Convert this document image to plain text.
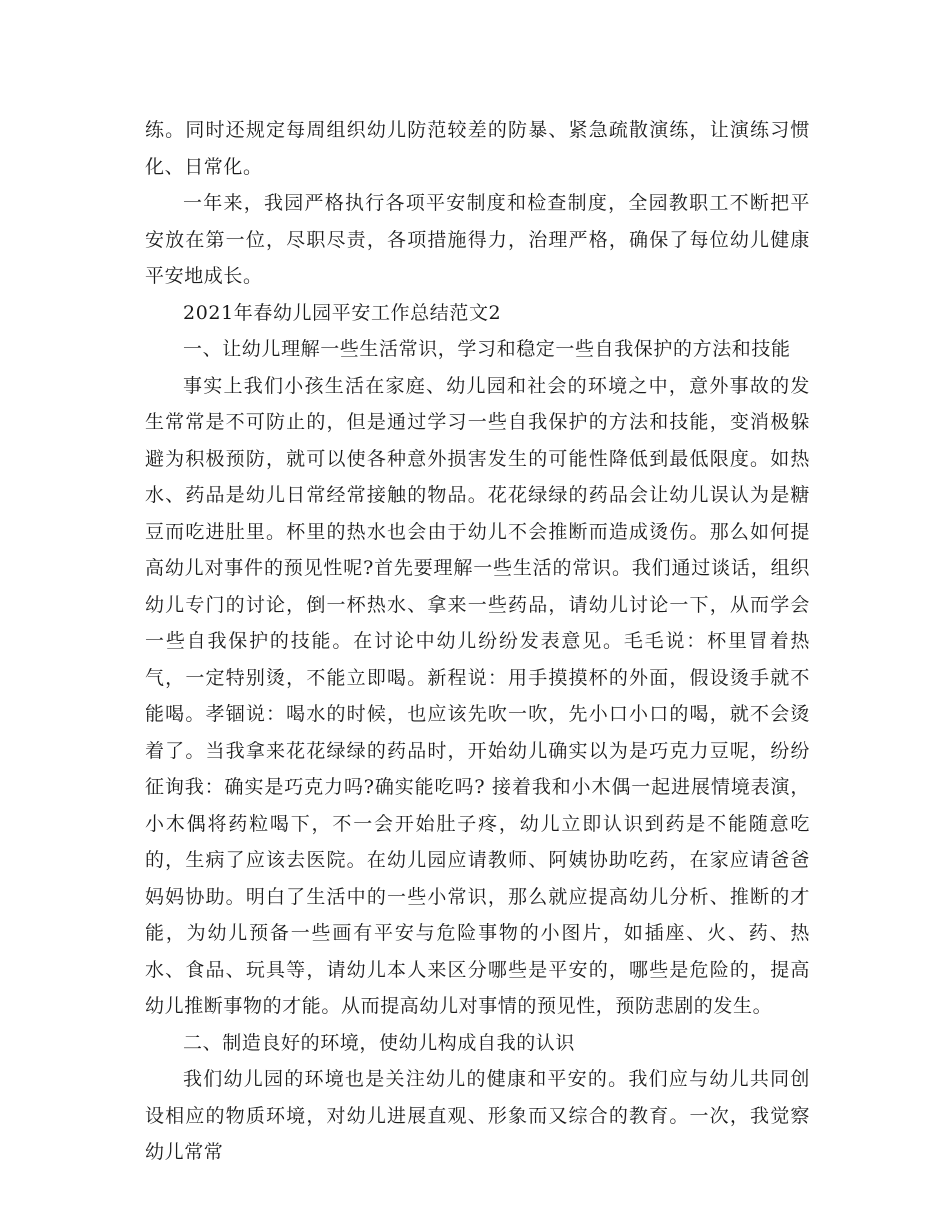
练。同时还规定每周组织幼儿防范较差的防暴、紧急疏散演练，让演练习惯化、日常化。

一年来，我园严格执行各项平安制度和检查制度，全园教职工不断把平安放在第一位，尽职尽责，各项措施得力，治理严格，确保了每位幼儿健康平安地成长。

2021年春幼儿园平安工作总结范文2

一、让幼儿理解一些生活常识，学习和稳定一些自我保护的方法和技能

事实上我们小孩生活在家庭、幼儿园和社会的环境之中，意外事故的发生常常是不可防止的，但是通过学习一些自我保护的方法和技能，变消极躲避为积极预防，就可以使各种意外损害发生的可能性降低到最低限度。如热水、药品是幼儿日常经常接触的物品。花花绿绿的药品会让幼儿误认为是糖豆而吃进肚里。杯里的热水也会由于幼儿不会推断而造成烫伤。那么如何提高幼儿对事件的预见性呢?首先要理解一些生活的常识。我们通过谈话，组织幼儿专门的讨论，倒一杯热水、拿来一些药品，请幼儿讨论一下，从而学会一些自我保护的技能。在讨论中幼儿纷纷发表意见。毛毛说：杯里冒着热气，一定特别烫，不能立即喝。新程说：用手摸摸杯的外面，假设烫手就不能喝。孝锢说：喝水的时候，也应该先吹一吹，先小口小口的喝，就不会烫着了。当我拿来花花绿绿的药品时，开始幼儿确实以为是巧克力豆呢，纷纷征询我：确实是巧克力吗?确实能吃吗? 接着我和小木偶一起进展情境表演，小木偶将药粒喝下，不一会开始肚子疼，幼儿立即认识到药是不能随意吃的，生病了应该去医院。在幼儿园应请教师、阿姨协助吃药，在家应请爸爸妈妈协助。明白了生活中的一些小常识，那么就应提高幼儿分析、推断的才能，为幼儿预备一些画有平安与危险事物的小图片，如插座、火、药、热水、食品、玩具等，请幼儿本人来区分哪些是平安的，哪些是危险的，提高幼儿推断事物的才能。从而提高幼儿对事情的预见性，预防悲剧的发生。

二、制造良好的环境，使幼儿构成自我的认识

我们幼儿园的环境也是关注幼儿的健康和平安的。我们应与幼儿共同创设相应的物质环境，对幼儿进展直观、形象而又综合的教育。一次，我觉察幼儿常常
